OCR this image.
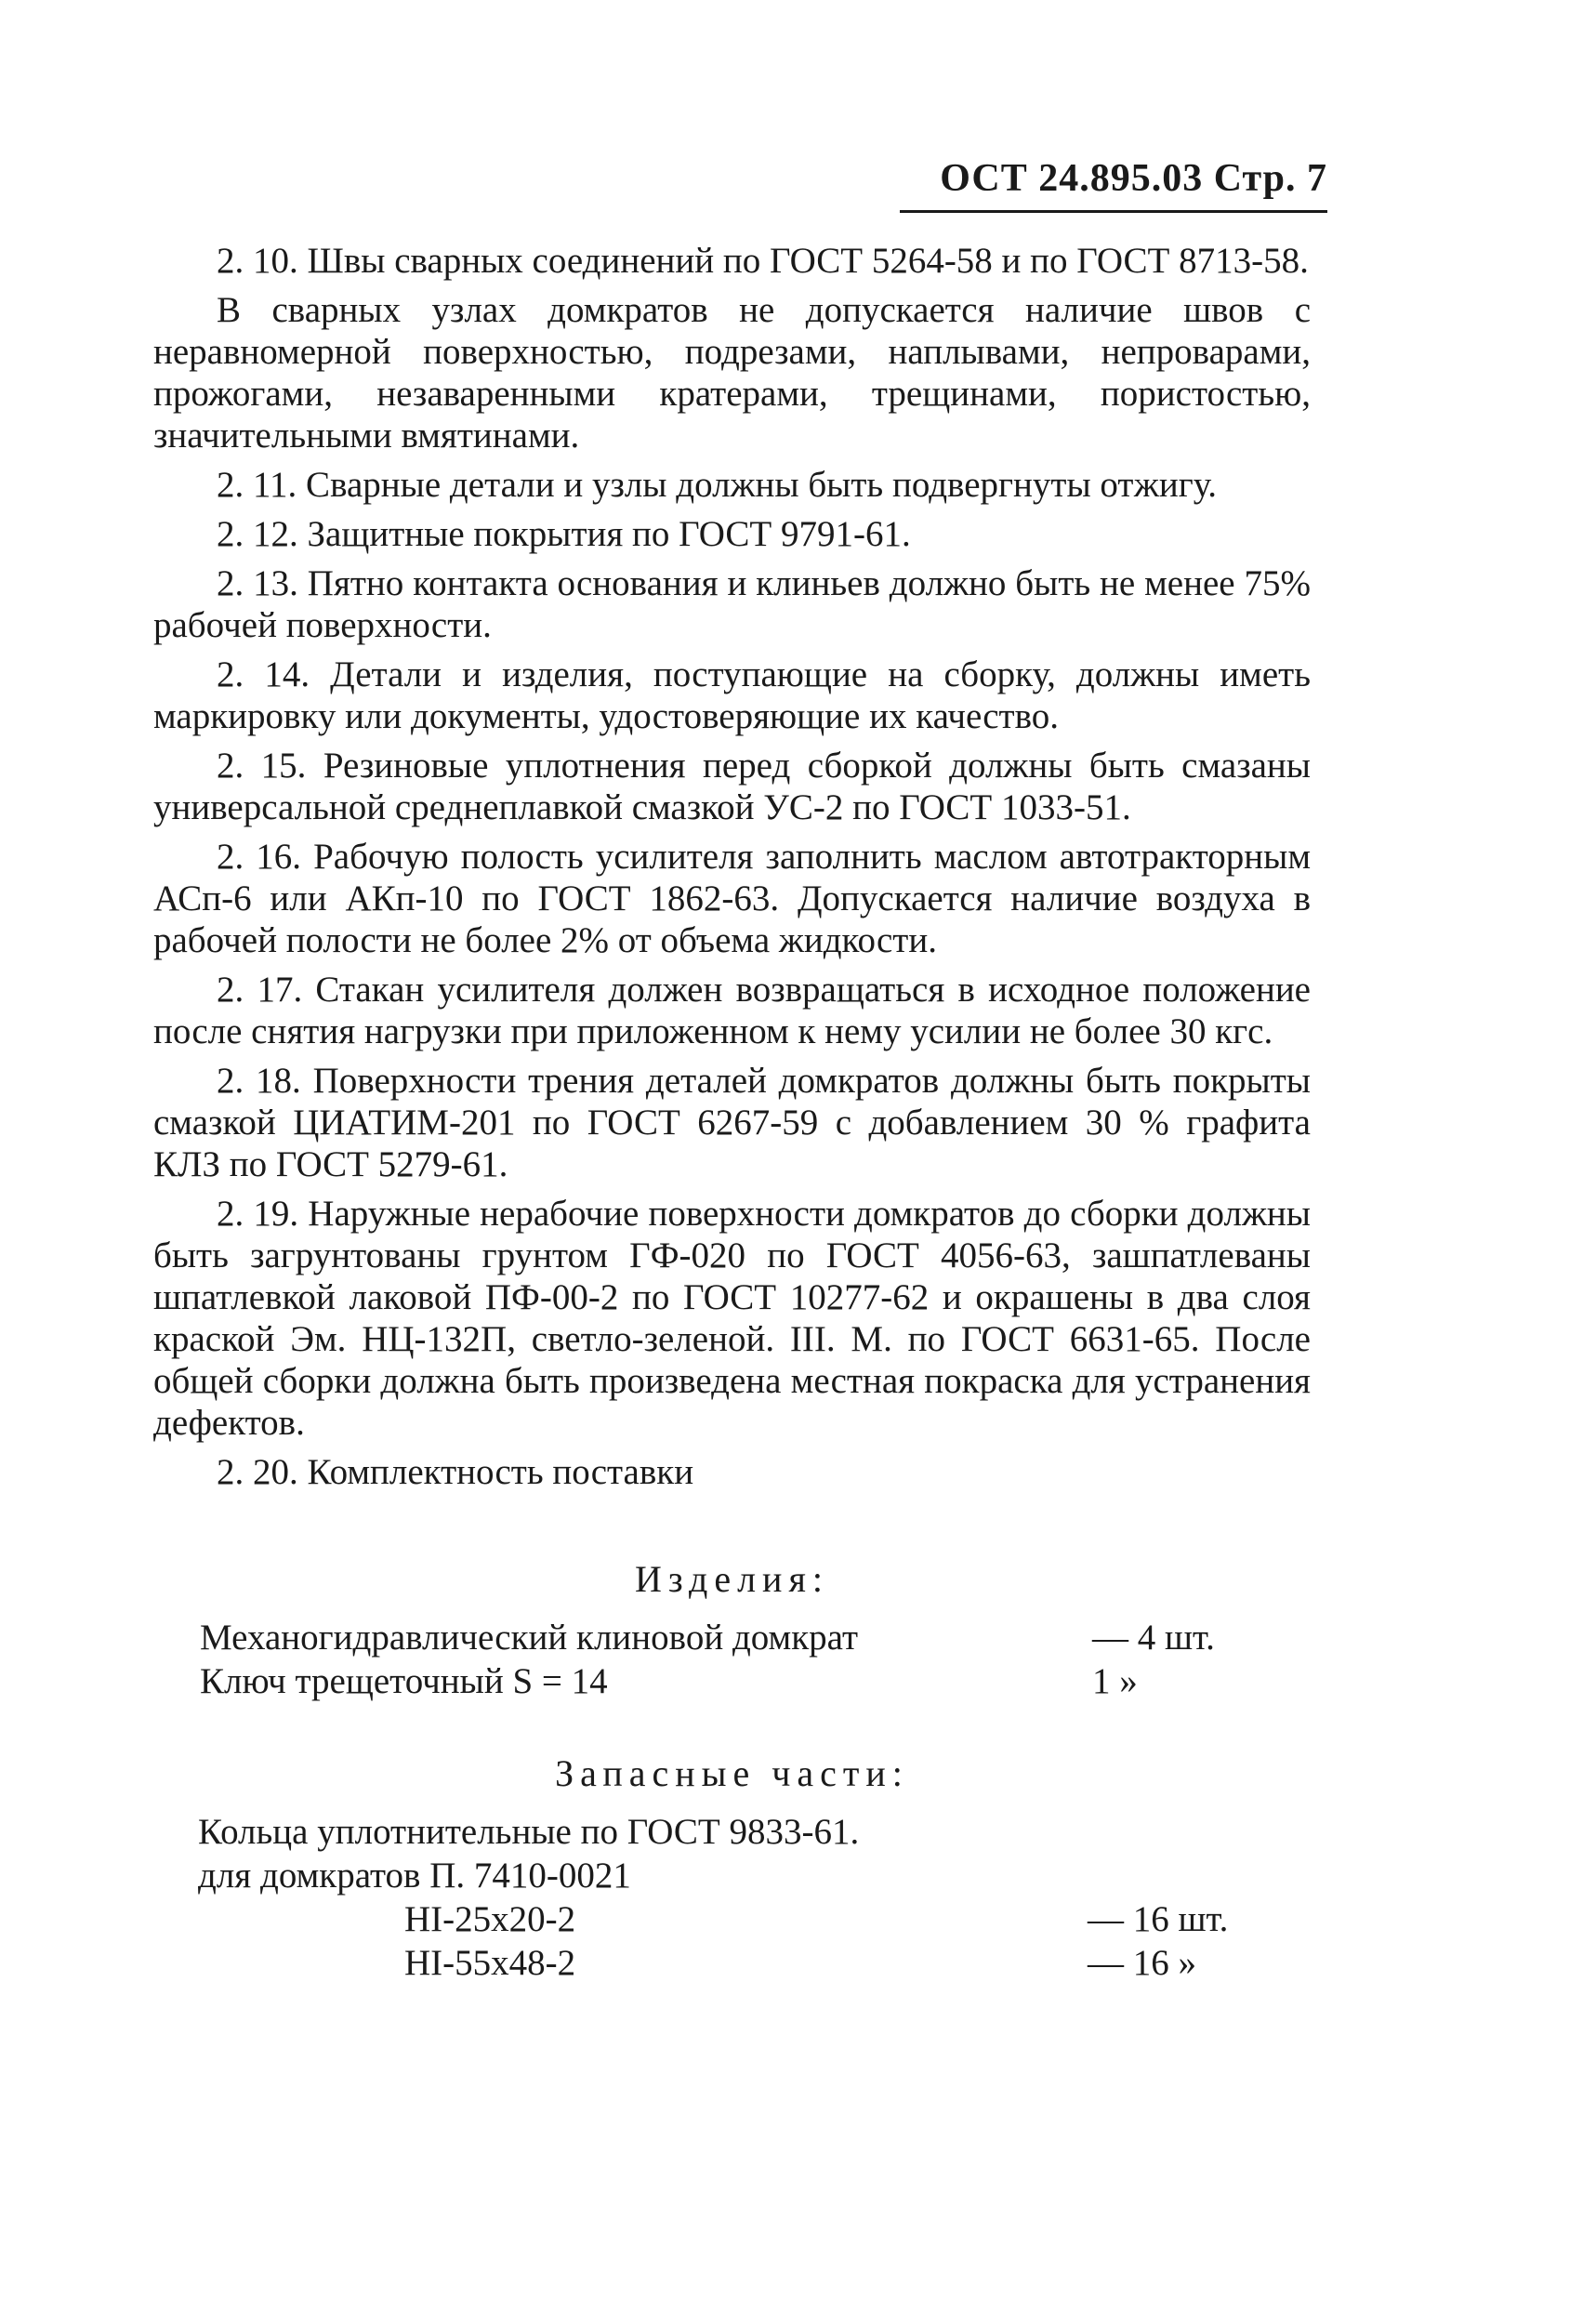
ОСТ 24.895.03 Стр. 7

2. 10. Швы сварных соединений по ГОСТ 5264-58 и по ГОСТ 8713-58.

В сварных узлах домкратов не допускается наличие швов с неравномерной поверхностью, подрезами, наплывами, непроварами, прожогами, незаваренными кратерами, трещинами, пористостью, значительными вмятинами.

2. 11. Сварные детали и узлы должны быть подвергнуты отжигу.

2. 12. Защитные покрытия по ГОСТ 9791-61.

2. 13. Пятно контакта основания и клиньев должно быть не менее 75% рабочей поверхности.

2. 14. Детали и изделия, поступающие на сборку, должны иметь маркировку или документы, удостоверяющие их качество.

2. 15. Резиновые уплотнения перед сборкой должны быть смазаны универсальной среднеплавкой смазкой УС-2 по ГОСТ 1033-51.

2. 16. Рабочую полость усилителя заполнить маслом автотракторным АСп-6 или АКп-10 по ГОСТ 1862-63. Допускается наличие воздуха в рабочей полости не более 2% от объема жидкости.

2. 17. Стакан усилителя должен возвращаться в исходное положение после снятия нагрузки при приложенном к нему усилии не более 30 кгс.

2. 18. Поверхности трения деталей домкратов должны быть покрыты смазкой ЦИАТИМ-201 по ГОСТ 6267-59 с добавлением 30 % графита КЛЗ по ГОСТ 5279-61.

2. 19. Наружные нерабочие поверхности домкратов до сборки должны быть загрунтованы грунтом ГФ-020 по ГОСТ 4056-63, зашпатлеваны шпатлевкой лаковой ПФ-00-2 по ГОСТ 10277-62 и окрашены в два слоя краской Эм. НЦ-132П, светло-зеленой. III. М. по ГОСТ 6631-65. После общей сборки должна быть произведена местная покраска для устранения дефектов.

2. 20. Комплектность поставки

Изделия:
Механогидравлический клиновой домкрат	— 4 шт.
Ключ трещеточный S = 14	1 »
Запасные части:
Кольца уплотнительные по ГОСТ 9833-61.
для домкратов П. 7410-0021
НI-25х20-2	— 16 шт.
НI-55х48-2	— 16 »
